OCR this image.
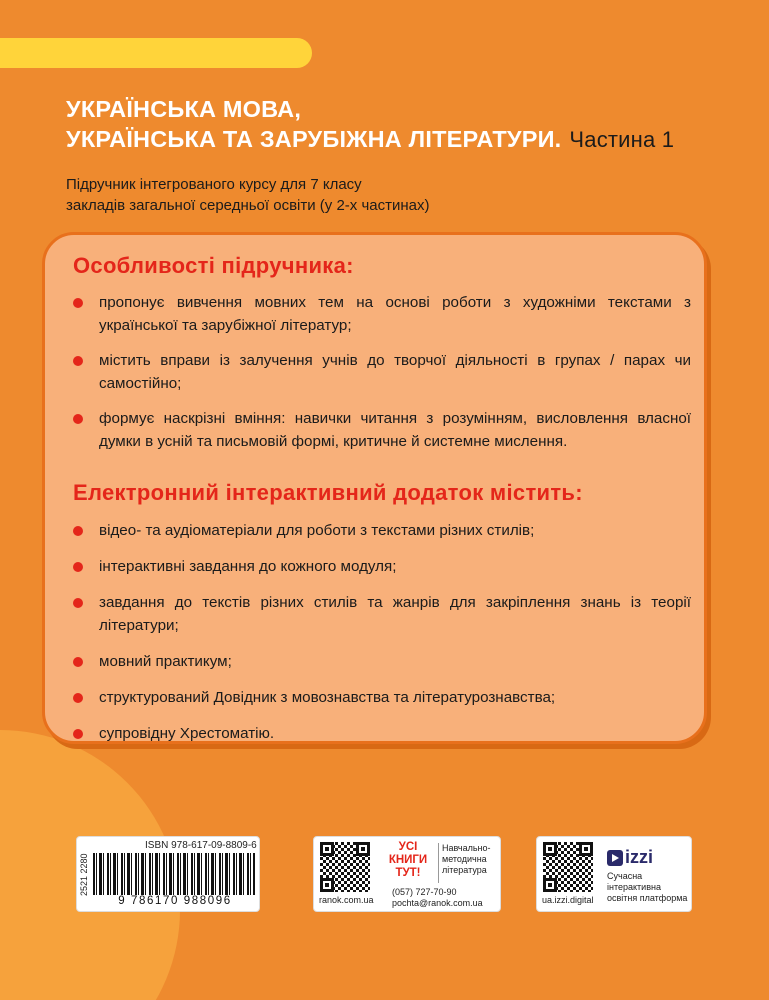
УКРАЇНСЬКА МОВА,
УКРАЇНСЬКА ТА ЗАРУБІЖНА ЛІТЕРАТУРИ. Частина 1
Підручник інтегрованого курсу для 7 класу
закладів загальної середньої освіти (у 2-х частинах)
Особливості підручника:
пропонує вивчення мовних тем на основі роботи з художніми текстами з української та зарубіжної літератур;
містить вправи із залучення учнів до творчої діяльності в групах / парах чи самостійно;
формує наскрізні вміння: навички читання з розумінням, висловлення власної думки в усній та письмовій формі, критичне й системне мислення.
Електронний інтерактивний додаток містить:
відео- та аудіоматеріали для роботи з текстами різних стилів;
інтерактивні завдання до кожного модуля;
завдання до текстів різних стилів та жанрів для закріплення знань із теорії літератури;
мовний практикум;
структурований Довідник з мовознавства та літературознавства;
супровідну Хрестоматію.
2521 2280
ISBN 978-617-09-8809-6
9 786170 988096
УСІ КНИГИ ТУТ!
Навчально-методична література
ranok.com.ua
(057) 727-70-90
pochta@ranok.com.ua
izzi
Сучасна інтерактивна освітня платформа
ua.izzi.digital
